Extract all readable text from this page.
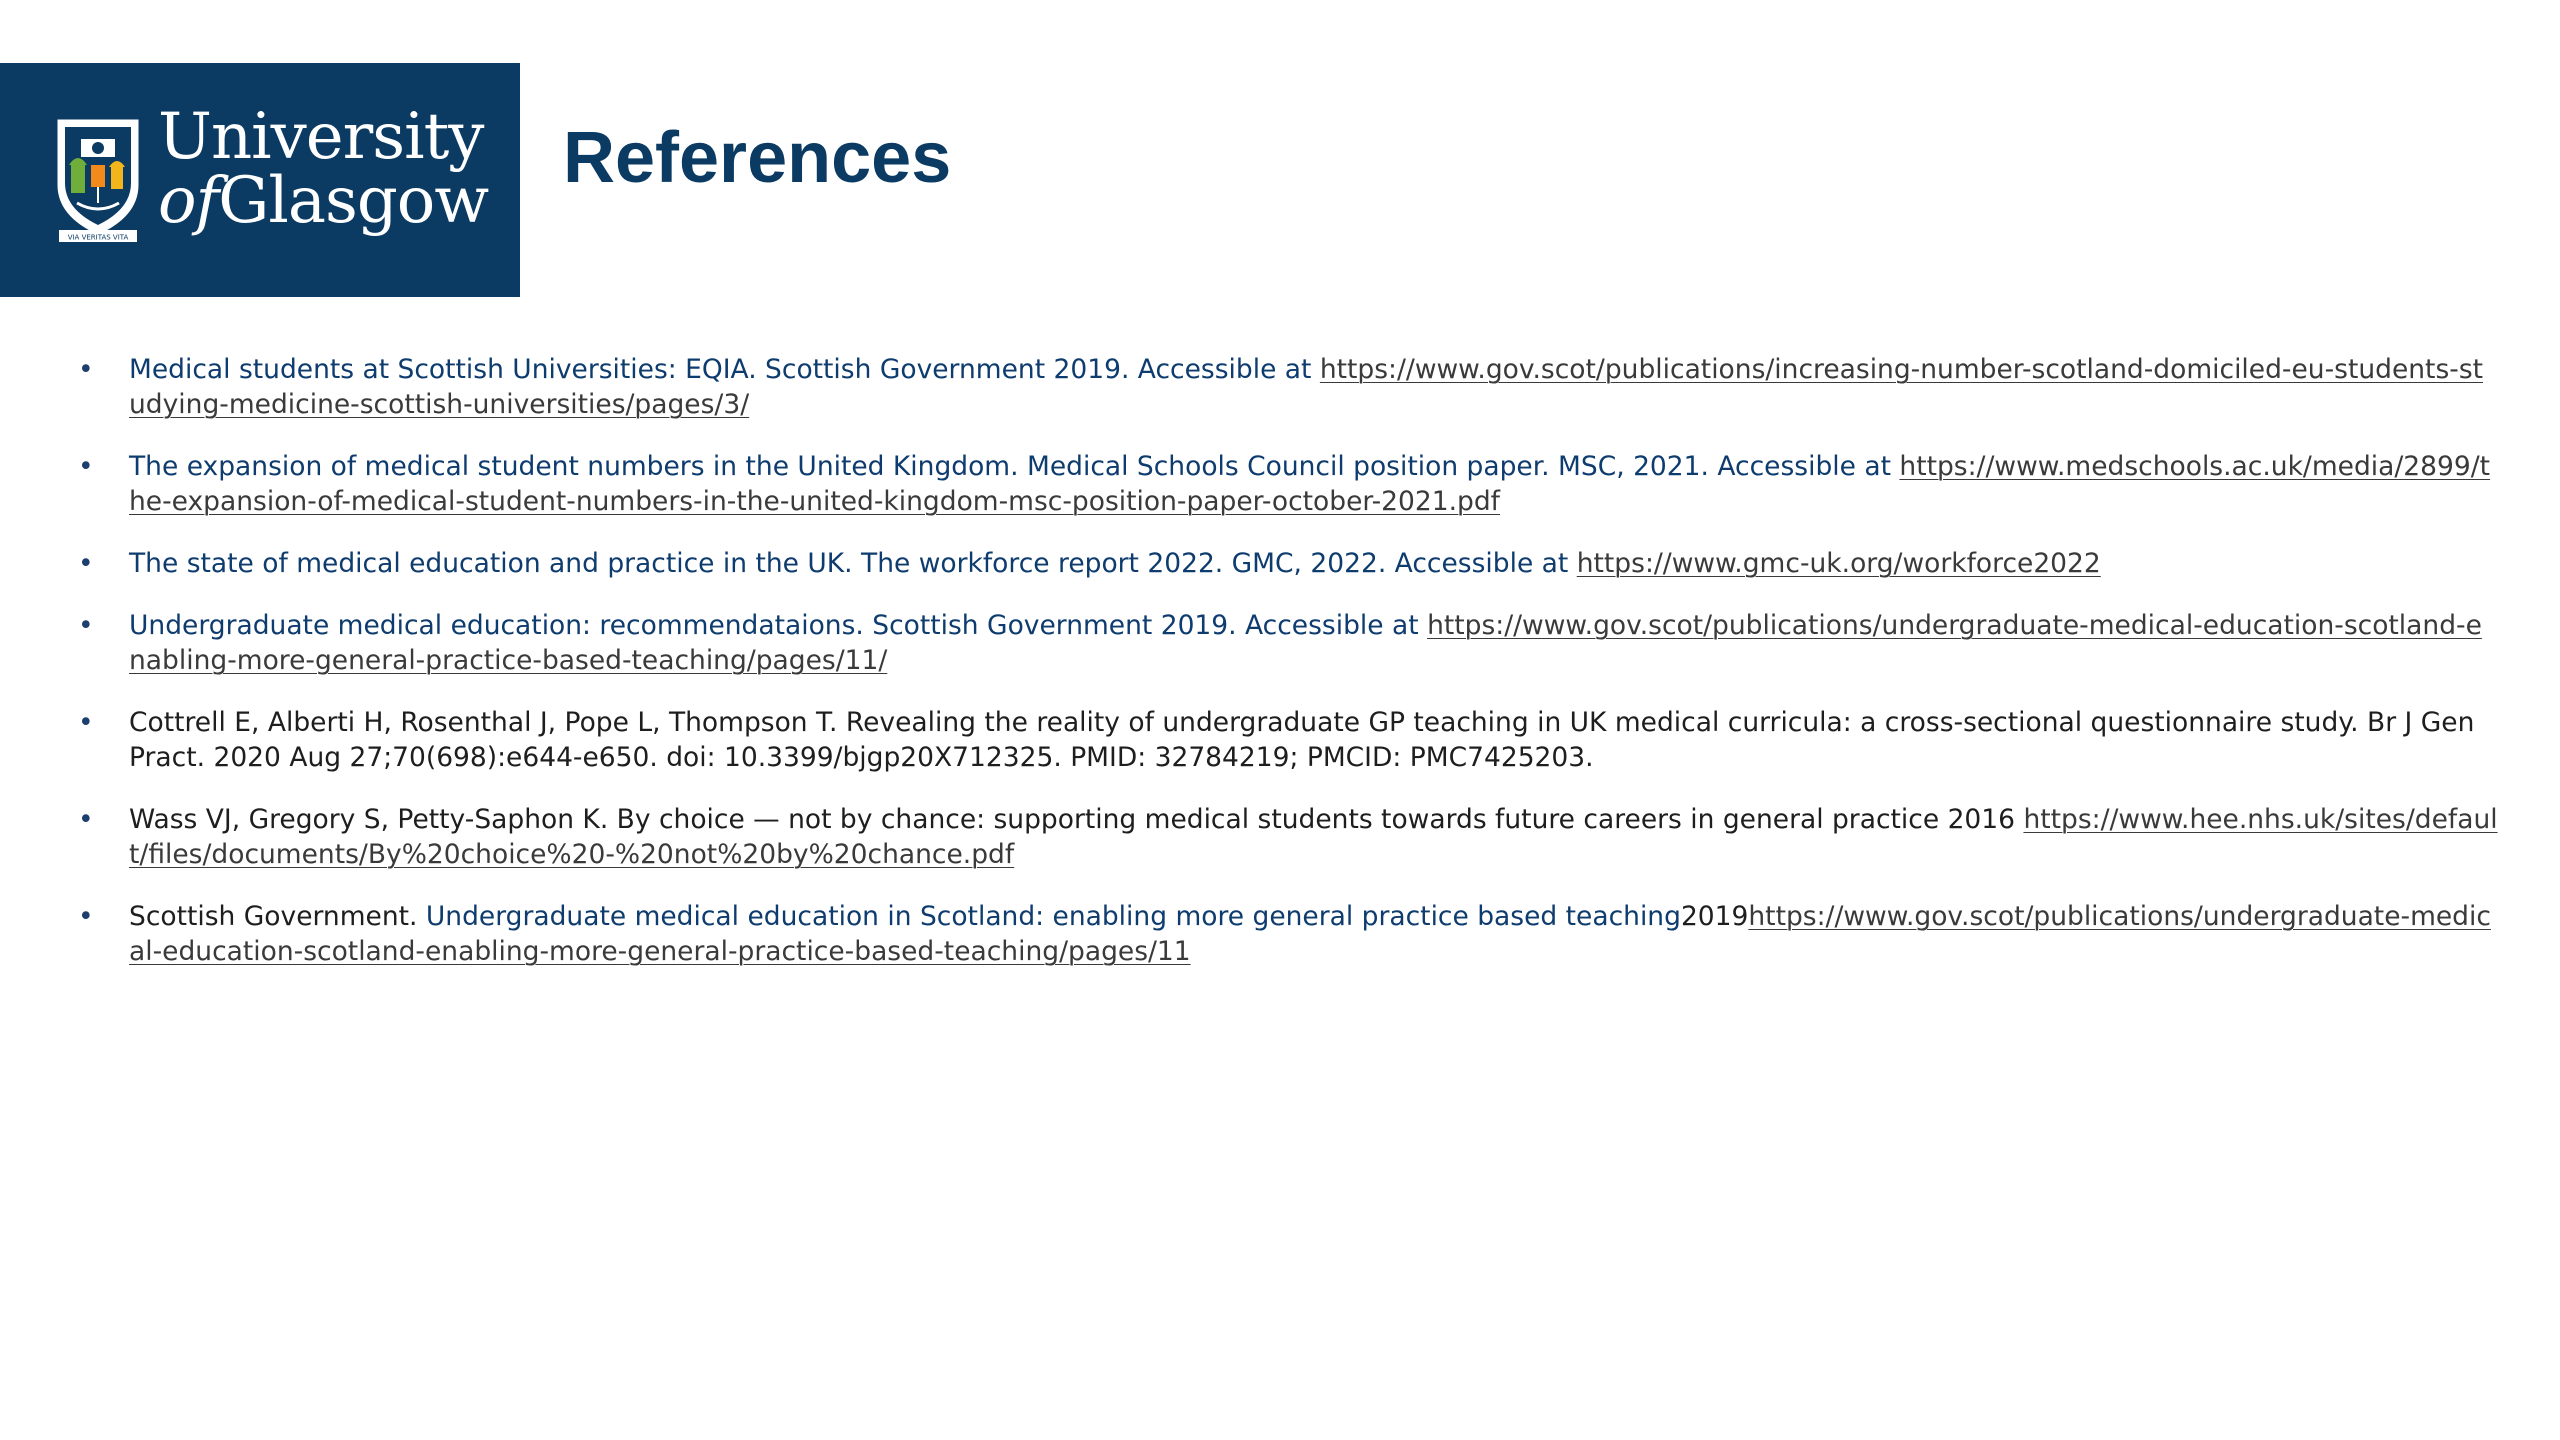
VIA VERITAS VITA
University
ofGlasgow
References
• Medical students at Scottish Universities: EQIA. Scottish Government 2019. Accessible at https://www.gov.scot/publications/increasing-number-scotland-domiciled-eu-students-studying-medicine-scottish-universities/pages/3/
• The expansion of medical student numbers in the United Kingdom. Medical Schools Council position paper. MSC, 2021. Accessible at https://www.medschools.ac.uk/media/2899/the-expansion-of-medical-student-numbers-in-the-united-kingdom-msc-position-paper-october-2021.pdf
• The state of medical education and practice in the UK. The workforce report 2022. GMC, 2022. Accessible at https://www.gmc-uk.org/workforce2022
• Undergraduate medical education: recommendataions. Scottish Government 2019. Accessible at https://www.gov.scot/publications/undergraduate-medical-education-scotland-enabling-more-general-practice-based-teaching/pages/11/
• Cottrell E, Alberti H, Rosenthal J, Pope L, Thompson T. Revealing the reality of undergraduate GP teaching in UK medical curricula: a cross-sectional questionnaire study. Br J Gen Pract. 2020 Aug 27;70(698):e644-e650. doi: 10.3399/bjgp20X712325. PMID: 32784219; PMCID: PMC7425203.
• Wass VJ, Gregory S, Petty-Saphon K. By choice — not by chance: supporting medical students towards future careers in general practice 2016 https://www.hee.nhs.uk/sites/default/files/documents/By%20choice%20-%20not%20by%20chance.pdf
• Scottish Government. Undergraduate medical education in Scotland: enabling more general practice based teaching2019https://www.gov.scot/publications/undergraduate-medical-education-scotland-enabling-more-general-practice-based-teaching/pages/11
